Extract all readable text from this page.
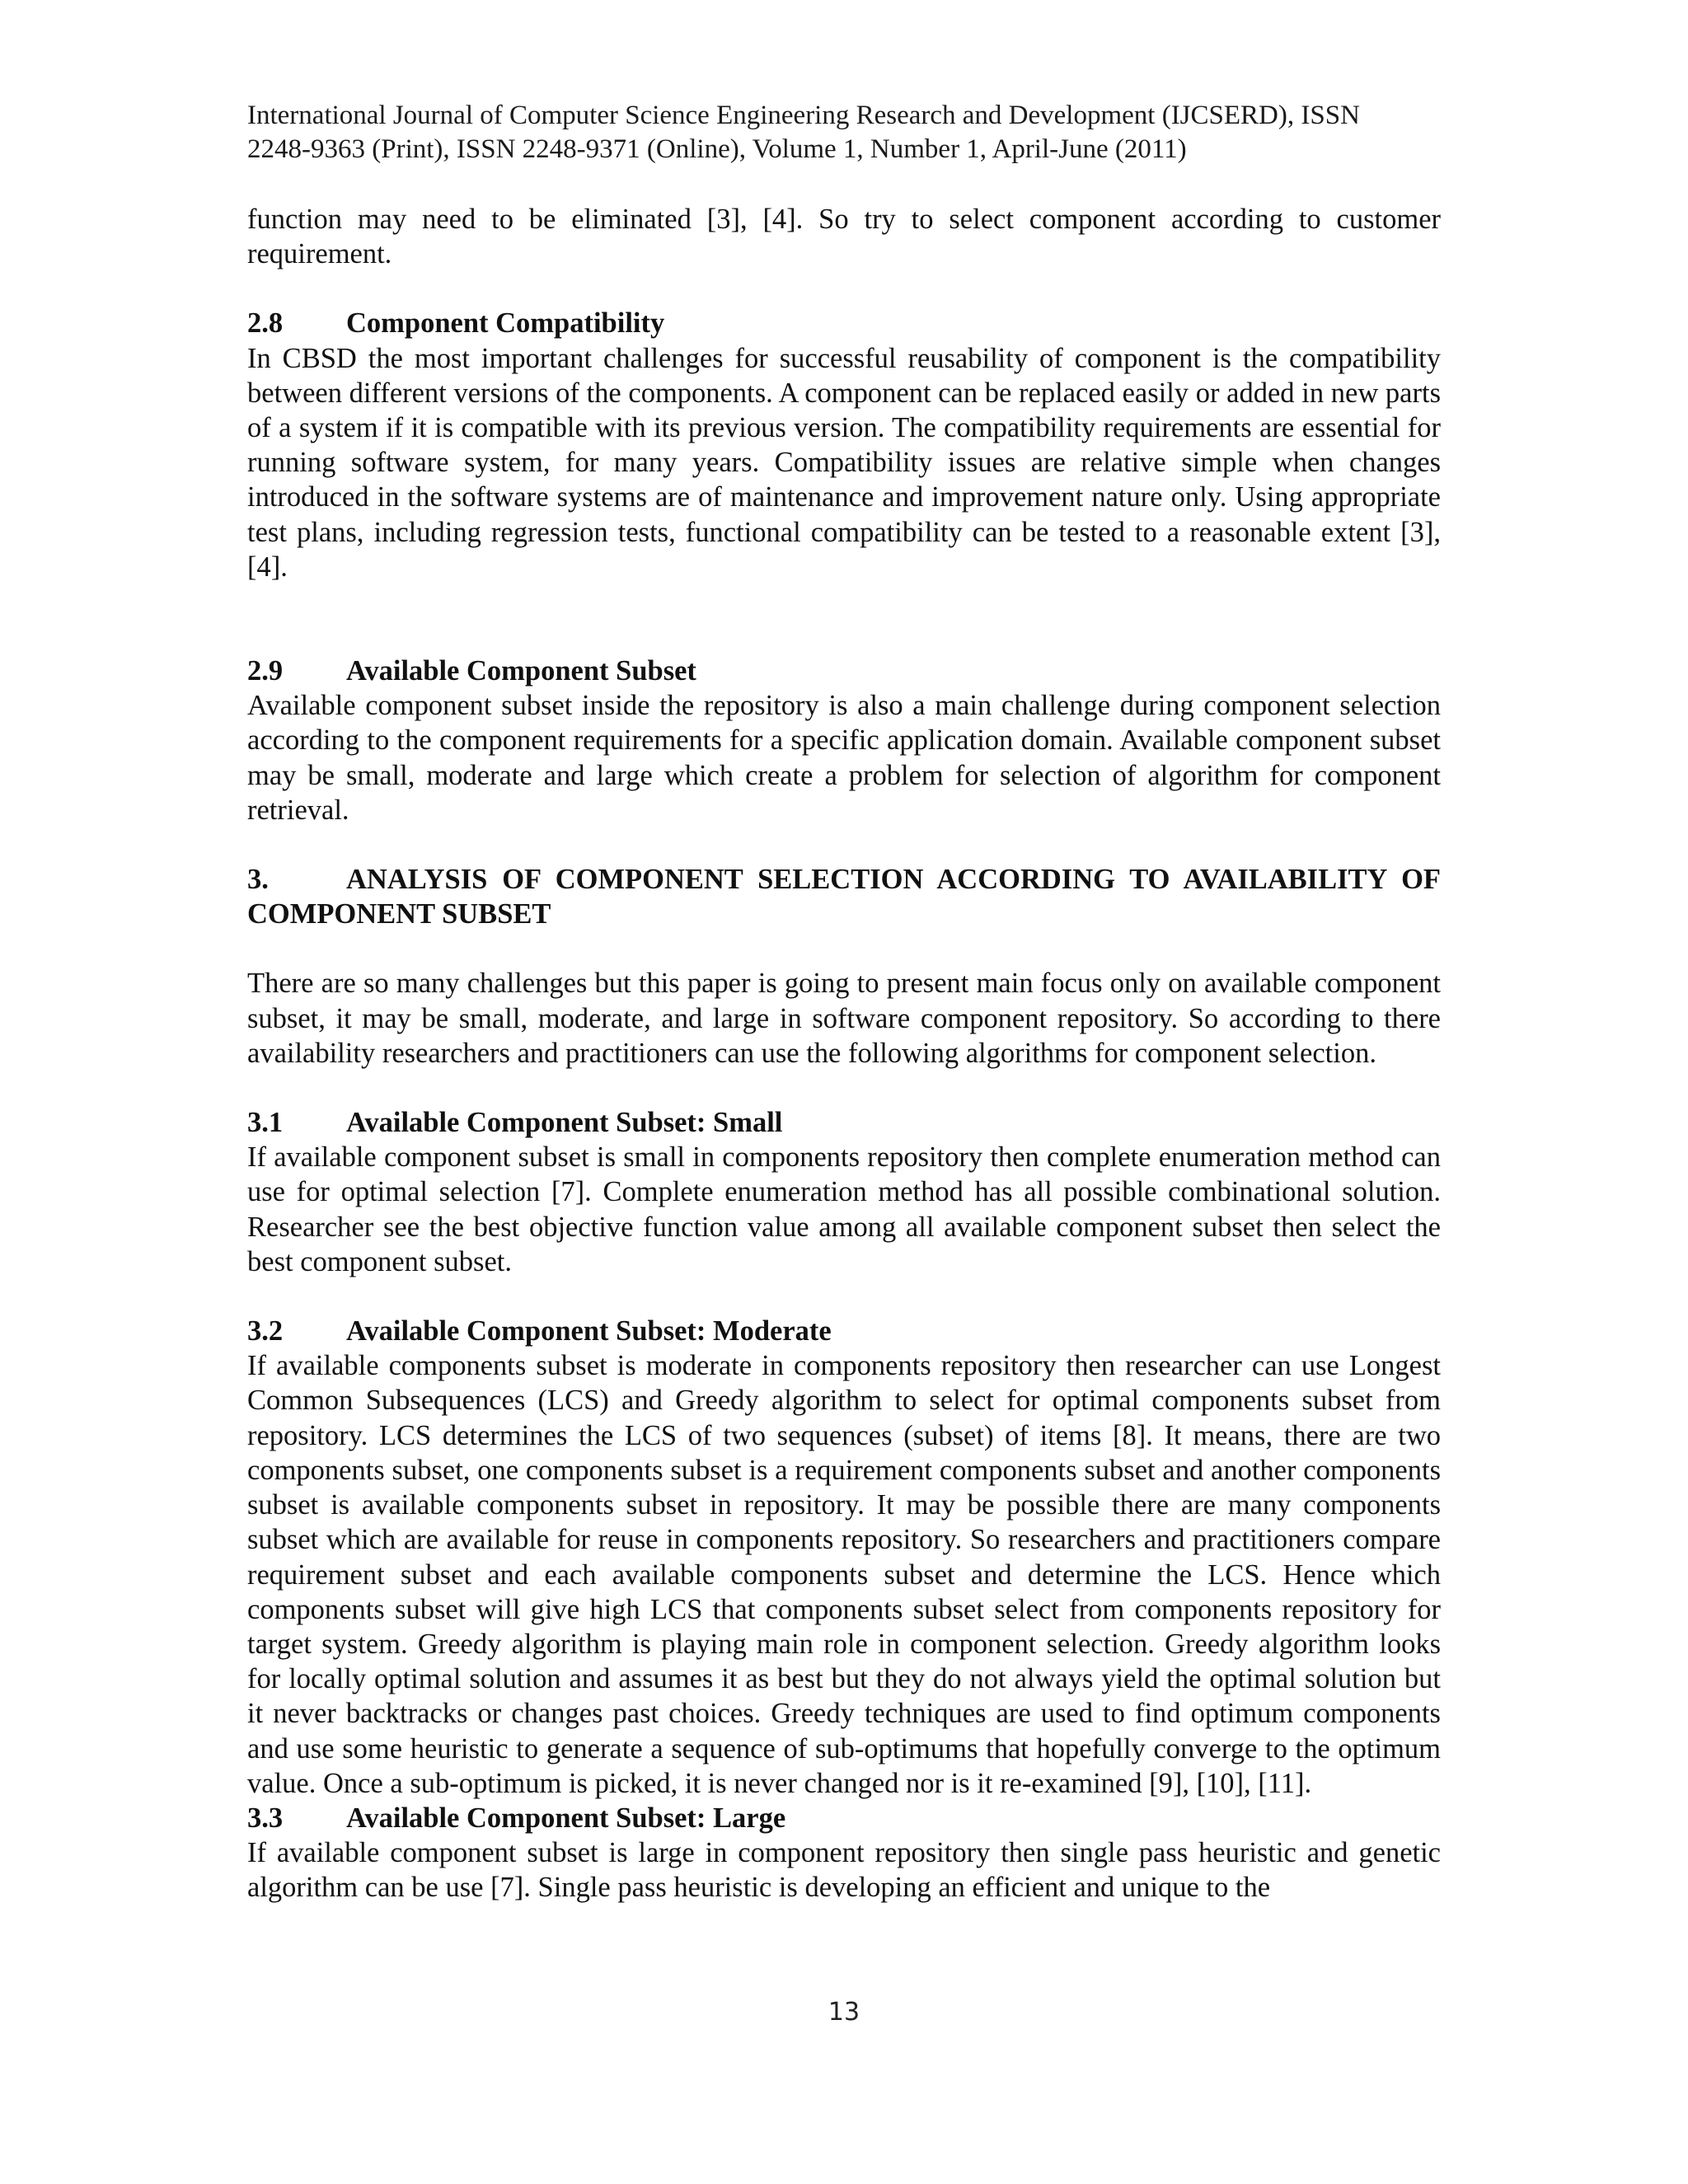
International Journal of Computer Science Engineering Research and Development (IJCSERD), ISSN
2248-9363 (Print), ISSN 2248-9371 (Online), Volume 1, Number 1, April-June (2011)

function may need to be eliminated [3], [4]. So try to select component according to customer requirement.

2.8 Component Compatibility

In CBSD the most important challenges for successful reusability of component is the compatibility between different versions of the components. A component can be replaced easily or added in new parts of a system if it is compatible with its previous version. The compatibility requirements are essential for running software system, for many years. Compatibility issues are relative simple when changes introduced in the software systems are of maintenance and improvement nature only. Using appropriate test plans, including regression tests, functional compatibility can be tested to a reasonable extent [3], [4].

2.9 Available Component Subset

Available component subset inside the repository is also a main challenge during component selection according to the component requirements for a specific application domain. Available component subset may be small, moderate and large which create a problem for selection of algorithm for component retrieval.

3.	ANALYSIS OF COMPONENT SELECTION ACCORDING TO AVAILABILITY OF COMPONENT SUBSET

There are so many challenges but this paper is going to present main focus only on available component subset, it may be small, moderate, and large in software component repository. So according to there availability researchers and practitioners can use the following algorithms for component selection.

3.1 Available Component Subset: Small

If available component subset is small in components repository then complete enumeration method can use for optimal selection [7]. Complete enumeration method has all possible combinational solution. Researcher see the best objective function value among all available component subset then select the best component subset.

3.2 Available Component Subset: Moderate

If available components subset is moderate in components repository then researcher can use Longest Common Subsequences (LCS) and Greedy algorithm to select for optimal components subset from repository. LCS determines the LCS of two sequences (subset) of items [8]. It means, there are two components subset, one components subset is a requirement components subset and another components subset is available components subset in repository. It may be possible there are many components subset which are available for reuse in components repository. So researchers and practitioners compare requirement subset and each available components subset and determine the LCS. Hence which components subset will give high LCS that components subset select from components repository for target system. Greedy algorithm is playing main role in component selection. Greedy algorithm looks for locally optimal solution and assumes it as best but they do not always yield the optimal solution but it never backtracks or changes past choices. Greedy techniques are used to find optimum components and use some heuristic to generate a sequence of sub-optimums that hopefully converge to the optimum value. Once a sub-optimum is picked, it is never changed nor is it re-examined [9], [10], [11].

3.3 Available Component Subset: Large

If available component subset is large in component repository then single pass heuristic and genetic algorithm can be use [7]. Single pass heuristic is developing an efficient and unique to the

13
